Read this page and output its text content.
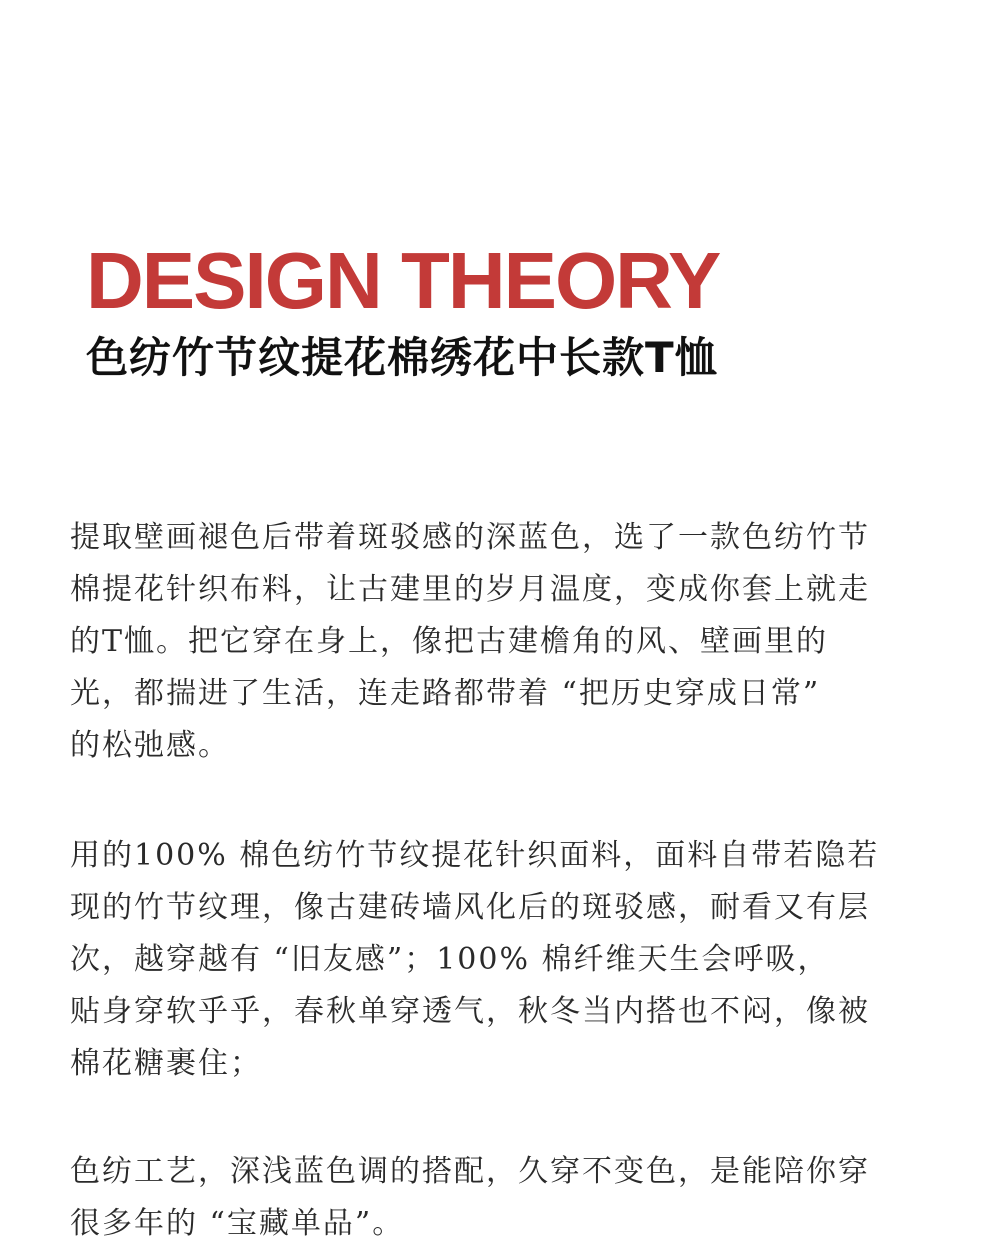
DESIGN THEORY
色纺竹节纹提花棉绣花中长款T恤
提取壁画褪色后带着斑驳感的深蓝色，选了一款色纺竹节
棉提花针织布料，让古建里的岁月温度，变成你套上就走
的T恤。把它穿在身上，像把古建檐角的风、壁画里的
光，都揣进了生活，连走路都带着 “把历史穿成日常”
的松弛感。
用的100% 棉色纺竹节纹提花针织面料，面料自带若隐若
现的竹节纹理，像古建砖墙风化后的斑驳感，耐看又有层
次，越穿越有 “旧友感”；100% 棉纤维天生会呼吸，
贴身穿软乎乎，春秋单穿透气，秋冬当内搭也不闷，像被
棉花糖裹住；
色纺工艺，深浅蓝色调的搭配，久穿不变色，是能陪你穿
很多年的 “宝藏单品”。
